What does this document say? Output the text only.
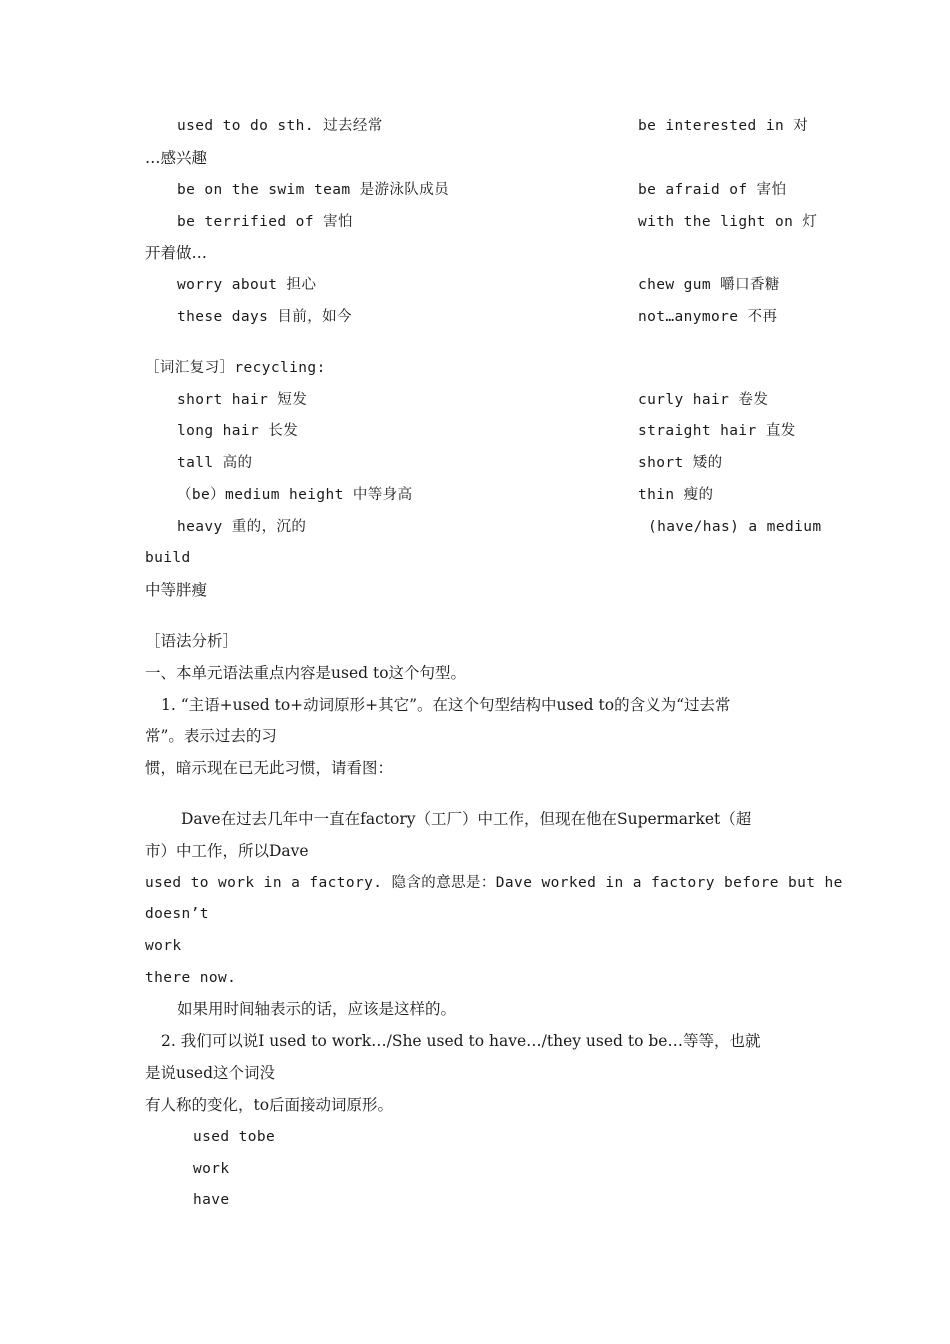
used to do sth. 过去经常	be interested in 对
…感兴趣
be on the swim team 是游泳队成员	be afraid of 害怕
be terrified of 害怕	with the light on 灯
开着做…
worry about 担心	chew gum 嚼口香糖
these days 目前，如今	not…anymore 不再
［词汇复习］recycling:
short hair 短发	curly hair 卷发
long hair 长发	straight hair 直发
tall 高的	short 矮的
（be）medium height 中等身高	thin 瘦的
heavy 重的，沉的	(have/has) a medium
build
中等胖瘦
［语法分析］
一、本单元语法重点内容是used to这个句型。
1. “主语+used to+动词原形+其它”。在这个句型结构中used to的含义为“过去常
常”。表示过去的习
惯，暗示现在已无此习惯，请看图：
Dave在过去几年中一直在factory（工厂）中工作，但现在他在Supermarket（超
市）中工作，所以Dave
used to work in a factory. 隐含的意思是：Dave worked in a factory before but he
doesn’t
work
there now.
如果用时间轴表示的话，应该是这样的。
2. 我们可以说I used to work…/She used to have…/they used to be…等等，也就
是说used这个词没
有人称的变化，to后面接动词原形。
used tobe
work
have
